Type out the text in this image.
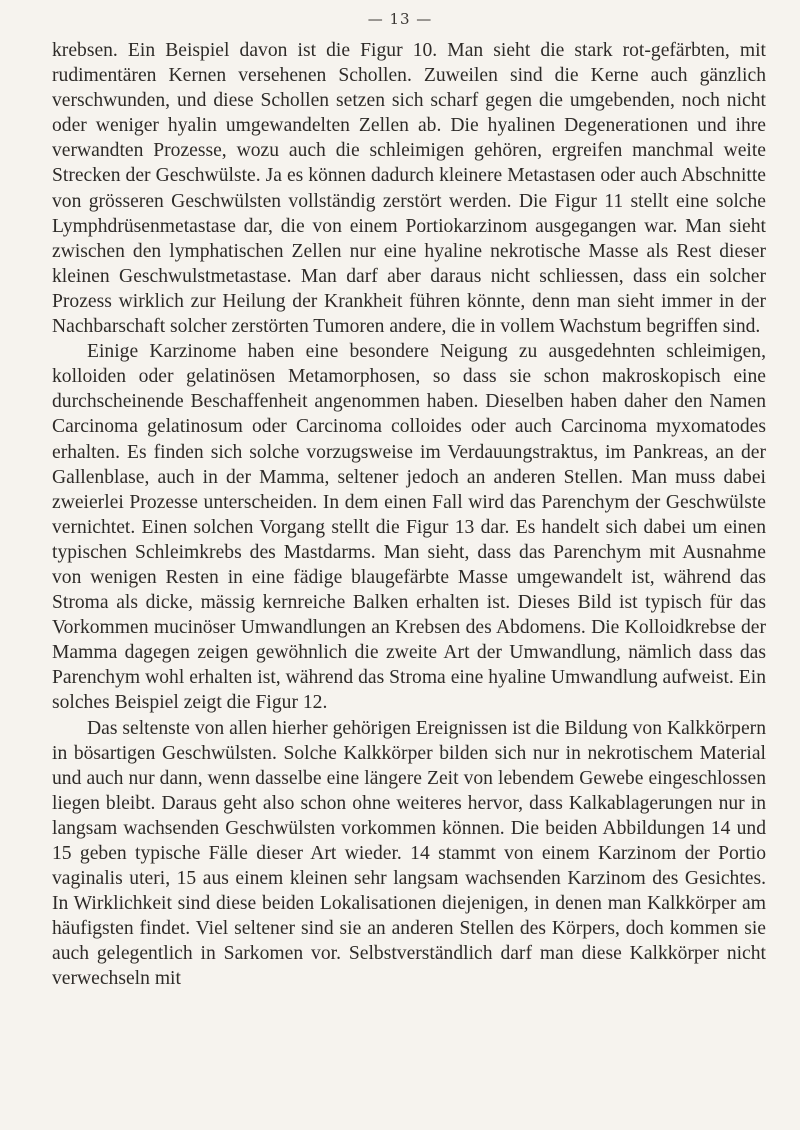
— 13 —

krebsen. Ein Beispiel davon ist die Figur 10. Man sieht die stark rot-gefärbten, mit rudimentären Kernen versehenen Schollen. Zuweilen sind die Kerne auch gänzlich verschwunden, und diese Schollen setzen sich scharf gegen die umgebenden, noch nicht oder weniger hyalin umgewandelten Zellen ab. Die hyalinen Degenerationen und ihre verwandten Prozesse, wozu auch die schleimigen gehören, ergreifen manchmal weite Strecken der Geschwülste. Ja es können dadurch kleinere Metastasen oder auch Abschnitte von grösseren Geschwülsten vollständig zerstört werden. Die Figur 11 stellt eine solche Lymphdrüsenmetastase dar, die von einem Portiokarzinom ausgegangen war. Man sieht zwischen den lymphatischen Zellen nur eine hyaline nekrotische Masse als Rest dieser kleinen Geschwulstmetastase. Man darf aber daraus nicht schliessen, dass ein solcher Prozess wirklich zur Heilung der Krankheit führen könnte, denn man sieht immer in der Nachbarschaft solcher zerstörten Tumoren andere, die in vollem Wachstum begriffen sind.

Einige Karzinome haben eine besondere Neigung zu ausgedehnten schleimigen, kolloiden oder gelatinösen Metamorphosen, so dass sie schon makroskopisch eine durchscheinende Beschaffenheit angenommen haben. Dieselben haben daher den Namen Carcinoma gelatinosum oder Carcinoma colloides oder auch Carcinoma myxomatodes erhalten. Es finden sich solche vorzugsweise im Verdauungstraktus, im Pankreas, an der Gallenblase, auch in der Mamma, seltener jedoch an anderen Stellen. Man muss dabei zweierlei Prozesse unterscheiden. In dem einen Fall wird das Parenchym der Geschwülste vernichtet. Einen solchen Vorgang stellt die Figur 13 dar. Es handelt sich dabei um einen typischen Schleimkrebs des Mastdarms. Man sieht, dass das Parenchym mit Ausnahme von wenigen Resten in eine fädige blaugefärbte Masse umgewandelt ist, während das Stroma als dicke, mässig kernreiche Balken erhalten ist. Dieses Bild ist typisch für das Vorkommen mucinöser Umwandlungen an Krebsen des Abdomens. Die Kolloidkrebse der Mamma dagegen zeigen gewöhnlich die zweite Art der Umwandlung, nämlich dass das Parenchym wohl erhalten ist, während das Stroma eine hyaline Umwandlung aufweist. Ein solches Beispiel zeigt die Figur 12.

Das seltenste von allen hierher gehörigen Ereignissen ist die Bildung von Kalkkörpern in bösartigen Geschwülsten. Solche Kalkkörper bilden sich nur in nekrotischem Material und auch nur dann, wenn dasselbe eine längere Zeit von lebendem Gewebe eingeschlossen liegen bleibt. Daraus geht also schon ohne weiteres hervor, dass Kalkablagerungen nur in langsam wachsenden Geschwülsten vorkommen können. Die beiden Abbildungen 14 und 15 geben typische Fälle dieser Art wieder. 14 stammt von einem Karzinom der Portio vaginalis uteri, 15 aus einem kleinen sehr langsam wachsenden Karzinom des Gesichtes. In Wirklichkeit sind diese beiden Lokalisationen diejenigen, in denen man Kalkkörper am häufigsten findet. Viel seltener sind sie an anderen Stellen des Körpers, doch kommen sie auch gelegentlich in Sarkomen vor. Selbstverständlich darf man diese Kalkkörper nicht verwechseln mit
